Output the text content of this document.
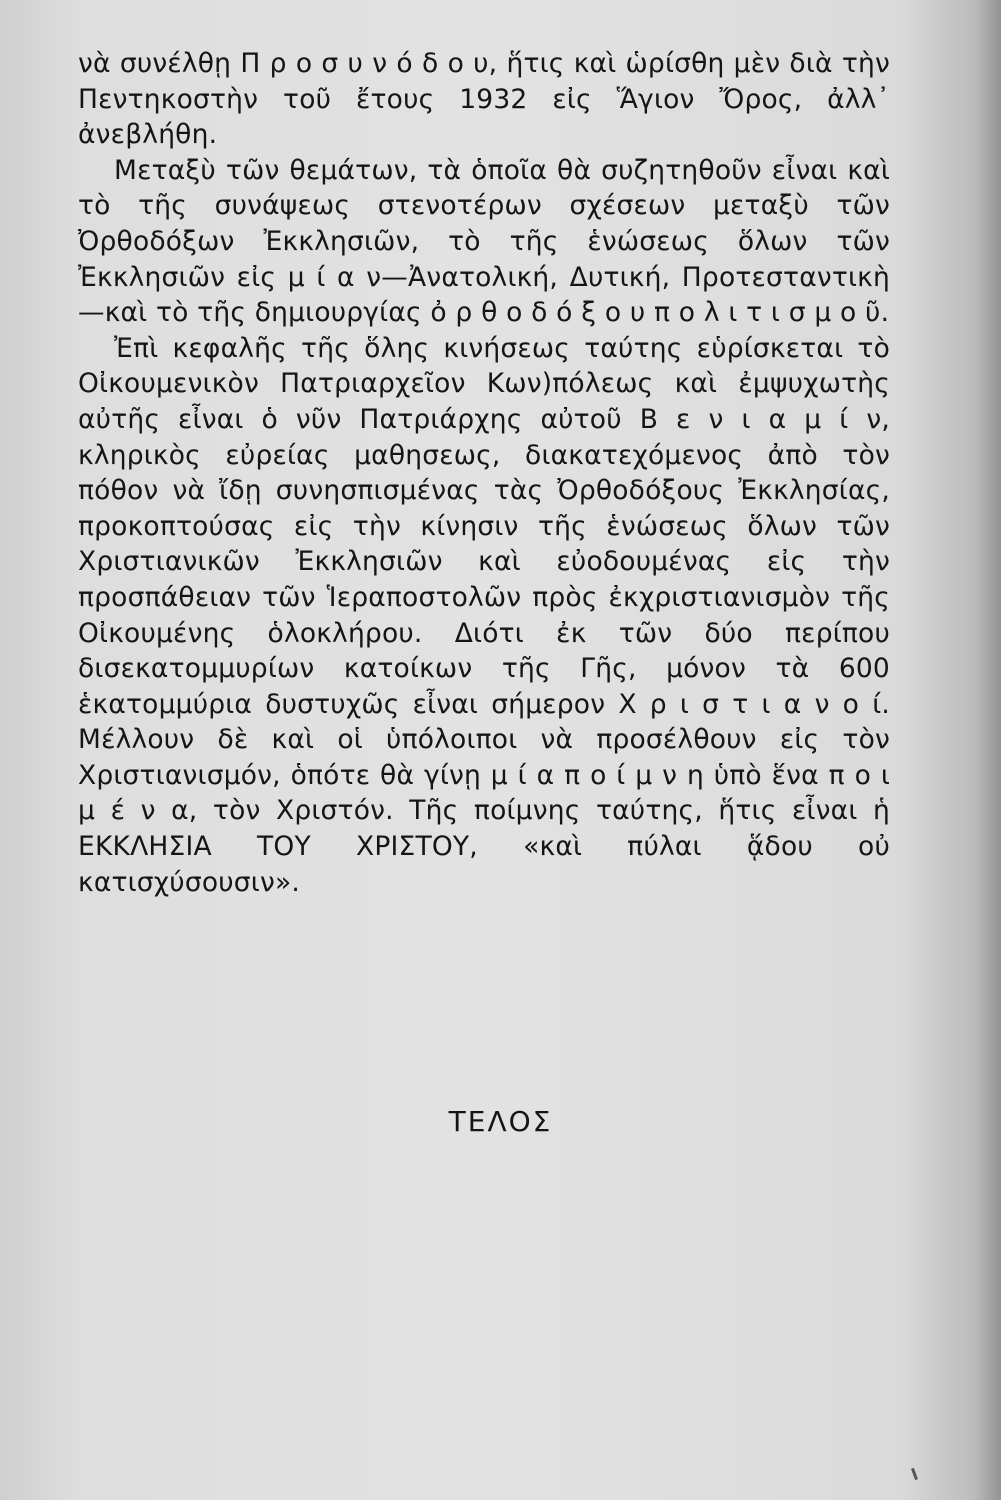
νὰ συνέλθῃ Π ρ ο σ υ ν ό δ ο υ, ἥτις καὶ ὡρίσθη μὲν διὰ τὴν Πεντηκοστὴν τοῦ ἔτους 1932 εἰς Ἅγιον Ὄρος, ἀλλ᾽ ἀνεβλήθη.

Μεταξὺ τῶν θεμάτων, τὰ ὁποῖα θὰ συζητηθοῦν εἶναι καὶ τὸ τῆς συνάψεως στενοτέρων σχέσεων μεταξὺ τῶν Ὀρθοδόξων Ἐκκλησιῶν, τὸ τῆς ἑνώσεως ὅλων τῶν Ἐκκλησιῶν εἰς μ ί α ν—Ἀνατολική, Δυτική, Προτεσταντικὴ —καὶ τὸ τῆς δημιουργίας ὀ ρ θ ο δ ό ξ ο υ π ο λ ι τ ι σ μ ο ῦ.

Ἐπὶ κεφαλῆς τῆς ὅλης κινήσεως ταύτης εὑρίσκεται τὸ Οἰκουμενικὸν Πατριαρχεῖον Κων)πόλεως καὶ ἐμψυχωτὴς αὐτῆς εἶναι ὁ νῦν Πατριάρχης αὐτοῦ Β ε ν ι α μ ί ν, κληρικὸς εὐρείας μαθησεως, διακατεχόμενος ἀπὸ τὸν πόθον νὰ ἴδῃ συνησπισμένας τὰς Ὀρθοδόξους Ἐκκλησίας, προκοπτούσας εἰς τὴν κίνησιν τῆς ἑνώσεως ὅλων τῶν Χριστιανικῶν Ἐκκλησιῶν καὶ εὐοδουμένας εἰς τὴν προσπάθειαν τῶν Ἱεραποστολῶν πρὸς ἐκχριστιανισμὸν τῆς Οἰκουμένης ὁλοκλήρου. Διότι ἐκ τῶν δύο περίπου δισεκατομμυρίων κατοίκων τῆς Γῆς, μόνον τὰ 600 ἑκατομμύρια δυστυχῶς εἶναι σήμερον Χ ρ ι σ τ ι α ν ο ί. Μέλλουν δὲ καὶ οἱ ὑπόλοιποι νὰ προσέλθουν εἰς τὸν Χριστιανισμόν, ὁπότε θὰ γίνῃ μ ί α π ο ί μ ν η ὑπὸ ἕνα π ο ι μ έ ν α, τὸν Χριστόν. Τῆς ποίμνης ταύτης, ἥτις εἶναι ἡ ΕΚΚΛΗΣΙΑ ΤΟΥ ΧΡΙΣΤΟΥ, «καὶ πύλαι ᾅδου οὐ κατισχύσουσιν».

ΤΕΛΟΣ
